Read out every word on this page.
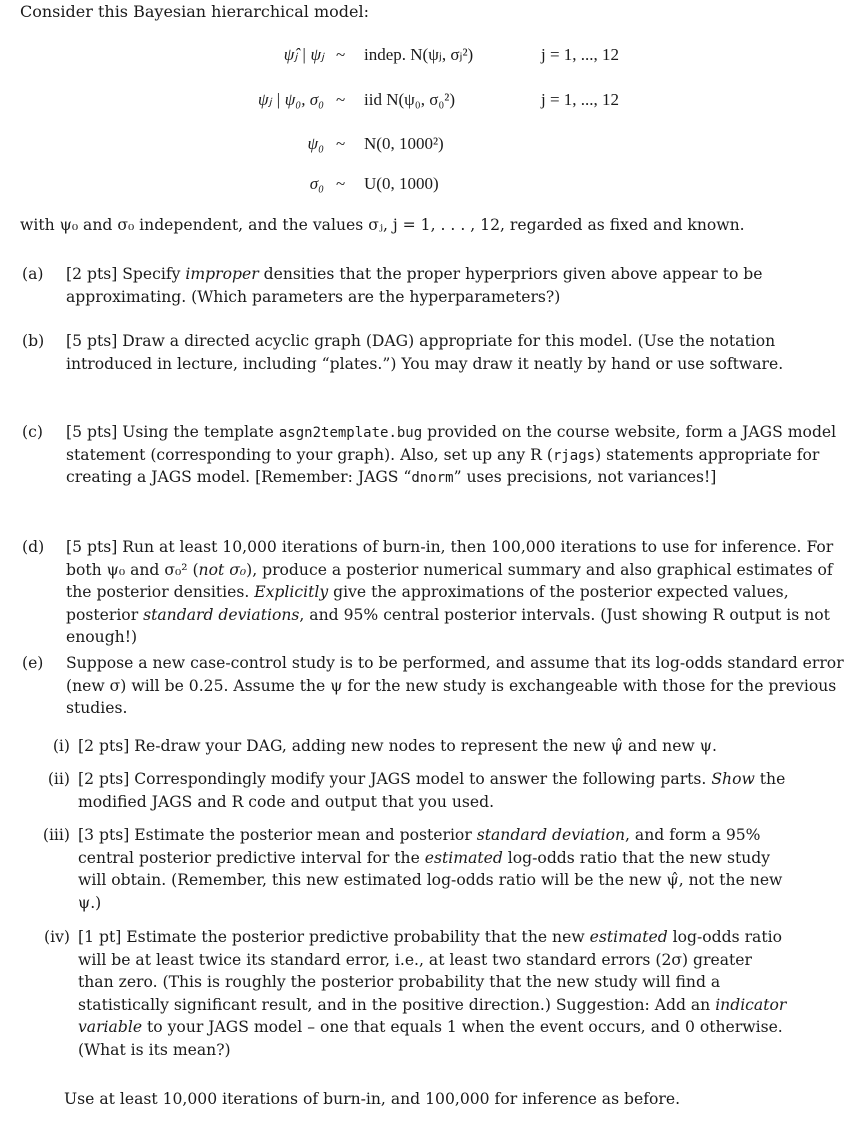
Consider this Bayesian hierarchical model:
ψ̂ⱼ | ψⱼ ~ indep. N(ψⱼ, σⱼ²)	j = 1, ..., 12
ψⱼ | ψ₀, σ₀ ~ iid N(ψ₀, σ₀²)	j = 1, ..., 12
ψ₀ ~ N(0, 1000²)
σ₀ ~ U(0, 1000)
with ψ₀ and σ₀ independent, and the values σⱼ, j = 1, . . . , 12, regarded as fixed and known.
(a) [2 pts] Specify improper densities that the proper hyperpriors given above appear to be approximating. (Which parameters are the hyperparameters?)
(b) [5 pts] Draw a directed acyclic graph (DAG) appropriate for this model. (Use the notation introduced in lecture, including “plates.”) You may draw it neatly by hand or use software.
(c) [5 pts] Using the template asgn2template.bug provided on the course website, form a JAGS model statement (corresponding to your graph). Also, set up any R (rjags) statements appropriate for creating a JAGS model. [Remember: JAGS “dnorm” uses precisions, not variances!]
(d) [5 pts] Run at least 10,000 iterations of burn-in, then 100,000 iterations to use for inference. For both ψ₀ and σ₀² (not σ₀), produce a posterior numerical summary and also graphical estimates of the posterior densities. Explicitly give the approximations of the posterior expected values, posterior standard deviations, and 95% central posterior intervals. (Just showing R output is not enough!)
(e) Suppose a new case-control study is to be performed, and assume that its log-odds standard error (new σ) will be 0.25. Assume the ψ for the new study is exchangeable with those for the previous studies.
(i) [2 pts] Re-draw your DAG, adding new nodes to represent the new ψ̂ and new ψ.
(ii) [2 pts] Correspondingly modify your JAGS model to answer the following parts. Show the modified JAGS and R code and output that you used.
(iii) [3 pts] Estimate the posterior mean and posterior standard deviation, and form a 95% central posterior predictive interval for the estimated log-odds ratio that the new study will obtain. (Remember, this new estimated log-odds ratio will be the new ψ̂, not the new ψ.)
(iv) [1 pt] Estimate the posterior predictive probability that the new estimated log-odds ratio will be at least twice its standard error, i.e., at least two standard errors (2σ) greater than zero. (This is roughly the posterior probability that the new study will find a statistically significant result, and in the positive direction.) Suggestion: Add an indicator variable to your JAGS model – one that equals 1 when the event occurs, and 0 otherwise. (What is its mean?)
Use at least 10,000 iterations of burn-in, and 100,000 for inference as before.
